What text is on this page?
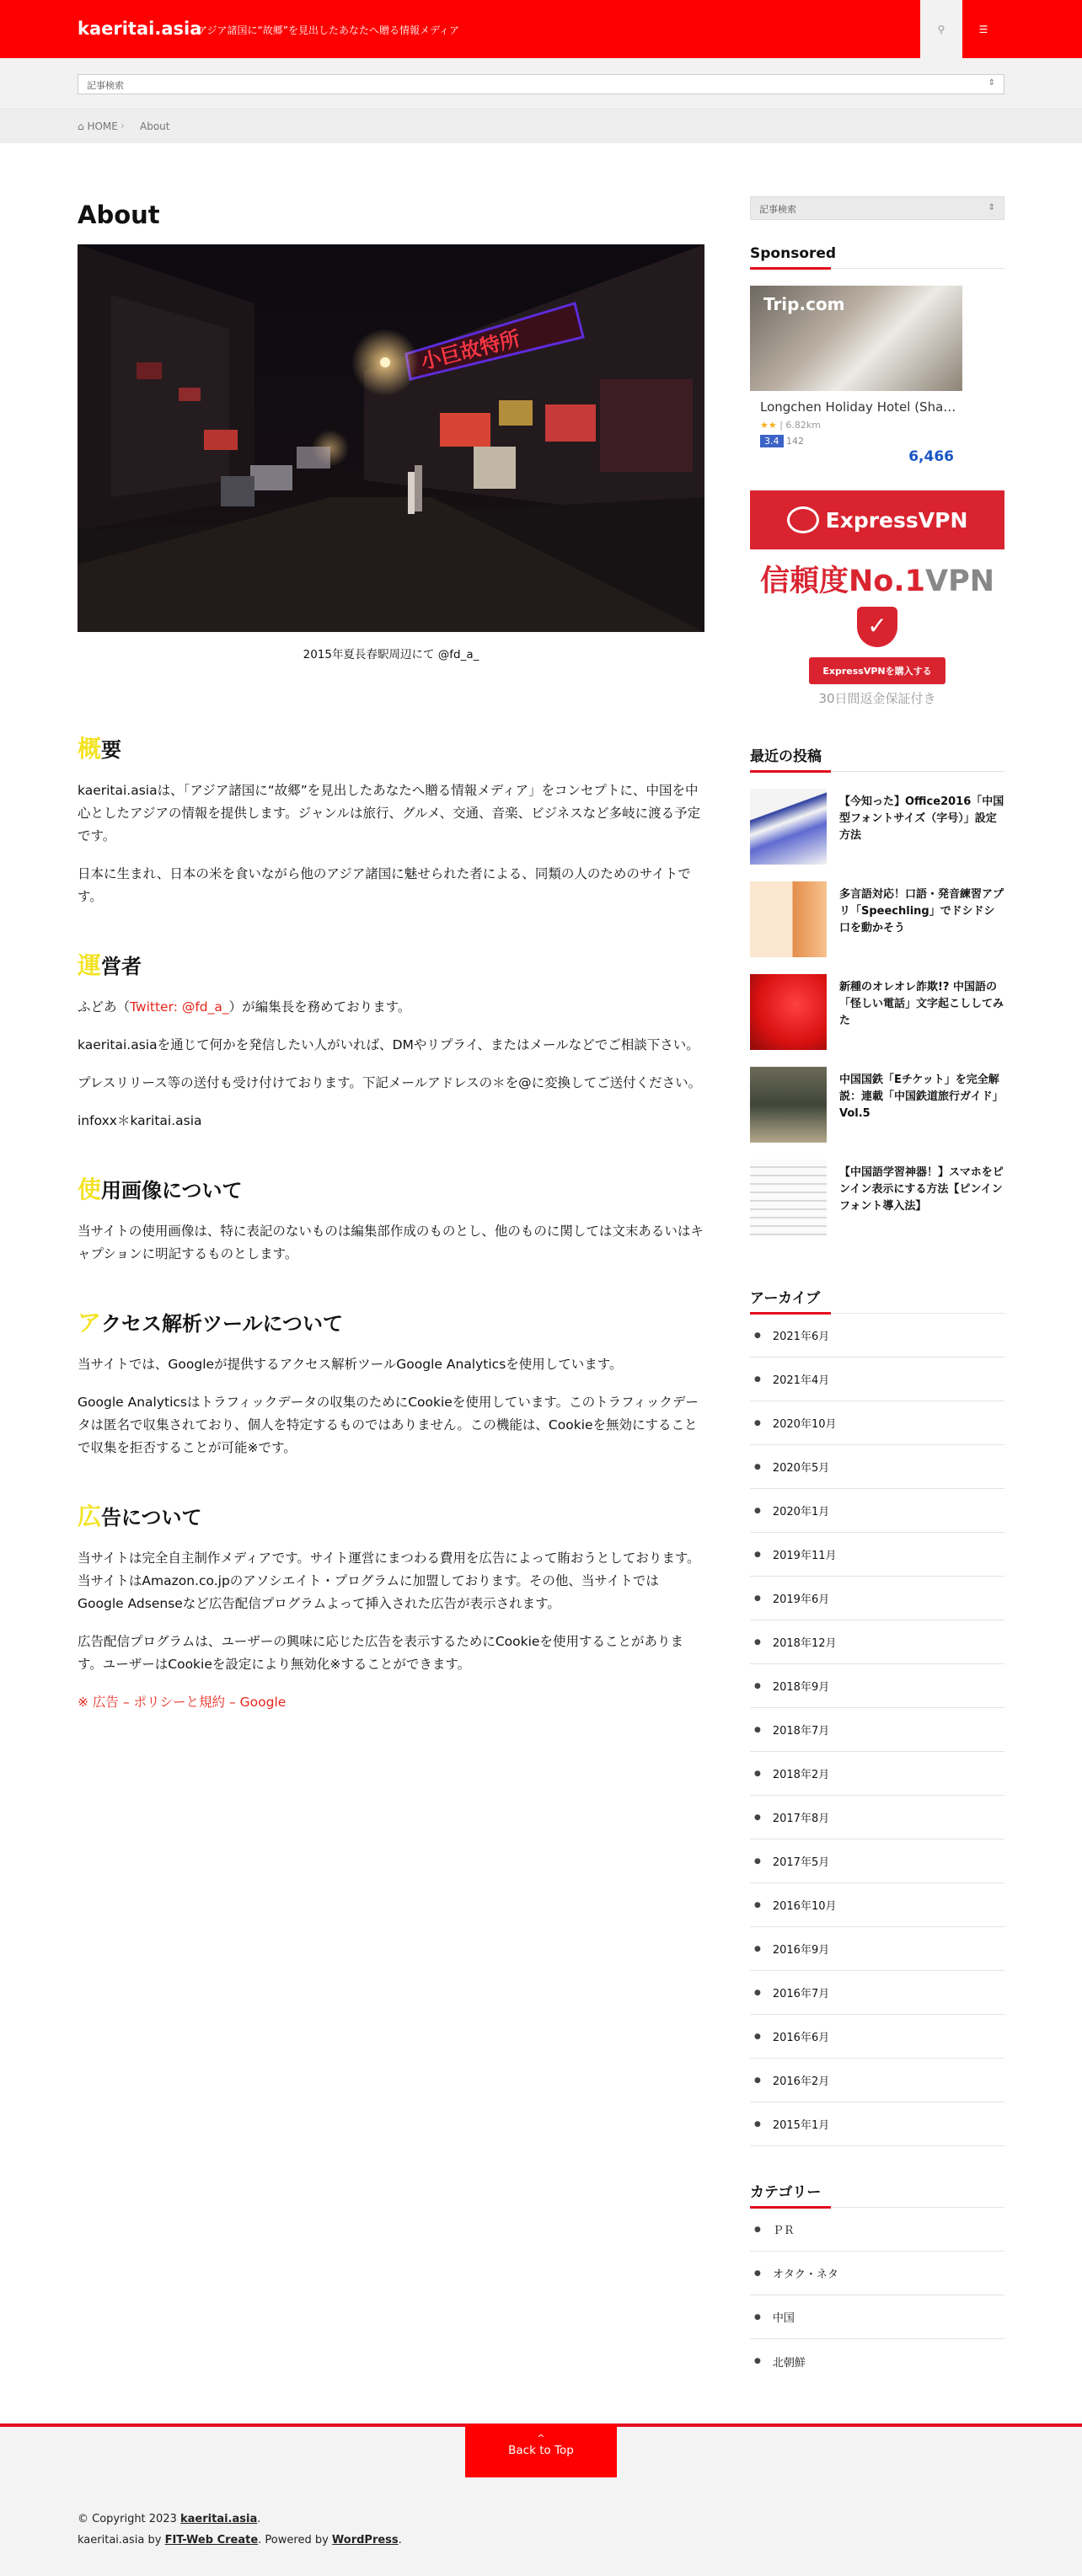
kaeritai.asia
アジア諸国に“故郷”を見出したあなたへ贈る情報メディア	⚲	☰
記事検索	⇕
⌂ HOME › About
About
小巨故特所

2015年夏長春駅周辺にて @fd_a_

概要

kaeritai.asiaは、「アジア諸国に“故郷”を見出したあなたへ贈る情報メディア」をコンセプトに、中国を中心としたアジアの情報を提供します。ジャンルは旅行、グルメ、交通、音楽、ビジネスなど多岐に渡る予定です。

日本に生まれ、日本の米を食いながら他のアジア諸国に魅せられた者による、同類の人のためのサイトです。

運営者

ふどあ（Twitter: @fd_a_）が編集長を務めております。

kaeritai.asiaを通じて何かを発信したい人がいれば、DMやリプライ、またはメールなどでご相談下さい。

プレスリリース等の送付も受け付けております。下記メールアドレスの＊を@に変換してご送付ください。

infoxx＊karitai.asia

使用画像について

当サイトの使用画像は、特に表記のないものは編集部作成のものとし、他のものに関しては文末あるいはキャプションに明記するものとします。

アクセス解析ツールについて

当サイトでは、Googleが提供するアクセス解析ツールGoogle Analyticsを使用しています。

Google Analyticsはトラフィックデータの収集のためにCookieを使用しています。このトラフィックデータは匿名で収集されており、個人を特定するものではありません。この機能は、Cookieを無効にすることで収集を拒否することが可能※です。

広告について

当サイトは完全自主制作メディアです。サイト運営にまつわる費用を広告によって賄おうとしております。当サイトはAmazon.co.jpのアソシエイト・プログラムに加盟しております。その他、当サイトではGoogle Adsenseなど広告配信プログラムよって挿入された広告が表示されます。

広告配信プログラムは、ユーザーの興味に応じた広告を表示するためにCookieを使用することがあります。ユーザーはCookieを設定により無効化※することができます。

※ 広告 – ポリシーと規約 – Google

記事検索	⇕
Sponsored
Trip.com
Longchen Holiday Hotel (Sha…
★★ | 6.82km
3.4 142
6,466
ExpressVPN
信頼度No.1VPN
✓
ExpressVPNを購入する
30日間返金保証付き
最近の投稿
【今知った】Office2016「中国型フォントサイズ（字号）」設定方法
多言語対応！口語・発音練習アプリ「Speechling」でドシドシ口を動かそう
新種のオレオレ詐欺!? 中国語の「怪しい電話」文字起こししてみた
中国国鉄「Eチケット」を完全解説：連載「中国鉄道旅行ガイド」Vol.5
【中国語学習神器！】スマホをピンイン表示にする方法【ピンインフォント導入法】
アーカイブ
● 2021年6月
● 2021年4月
● 2020年10月
● 2020年5月
● 2020年1月
● 2019年11月
● 2019年6月
● 2018年12月
● 2018年9月
● 2018年7月
● 2018年2月
● 2017年8月
● 2017年5月
● 2016年10月
● 2016年9月
● 2016年7月
● 2016年6月
● 2016年2月
● 2015年1月
カテゴリー
● ＰＲ
● オタク・ネタ
● 中国
● 北朝鮮
^
Back to Top
© Copyright 2023 kaeritai.asia.
kaeritai.asia by FIT-Web Create. Powered by WordPress.
